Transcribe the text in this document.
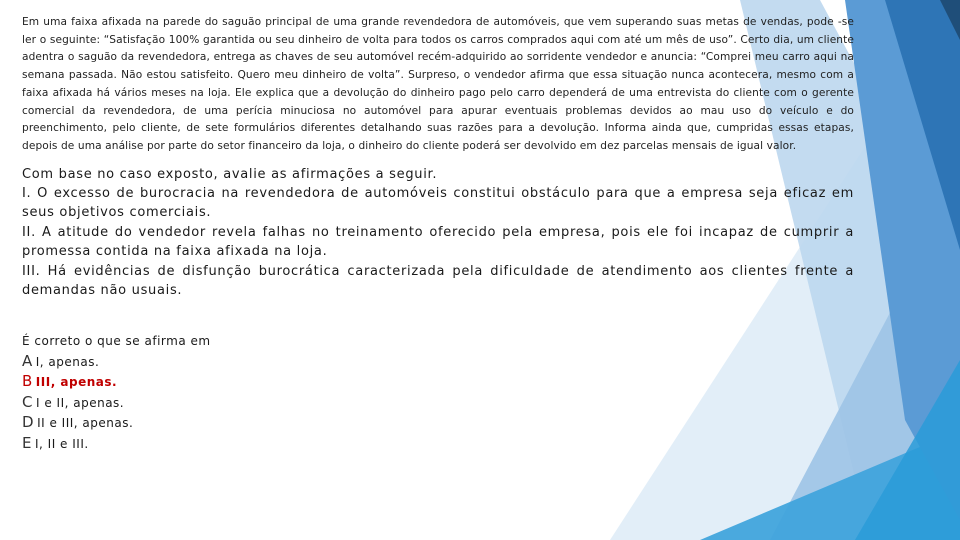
Em uma faixa afixada na parede do saguão principal de uma grande revendedora de automóveis, que vem superando suas metas de vendas, pode -se ler o seguinte: “Satisfação 100% garantida ou seu dinheiro de volta para todos os carros comprados aqui com até um mês de uso”. Certo dia, um cliente adentra o saguão da revendedora, entrega as chaves de seu automóvel recém-adquirido ao sorridente vendedor e anuncia: “Comprei meu carro aqui na semana passada. Não estou satisfeito. Quero meu dinheiro de volta”. Surpreso, o vendedor afirma que essa situação nunca acontecera, mesmo com a faixa afixada há vários meses na loja. Ele explica que a devolução do dinheiro pago pelo carro dependerá de uma entrevista do cliente com o gerente comercial da revendedora, de uma perícia minuciosa no automóvel para apurar eventuais problemas devidos ao mau uso do veículo e do preenchimento, pelo cliente, de sete formulários diferentes detalhando suas razões para a devolução. Informa ainda que, cumpridas essas etapas, depois de uma análise por parte do setor financeiro da loja, o dinheiro do cliente poderá ser devolvido em dez parcelas mensais de igual valor.

Com base no caso exposto, avalie as afirmações a seguir.

I. O excesso de burocracia na revendedora de automóveis constitui obstáculo para que a empresa seja eficaz em seus objetivos comerciais.

II. A atitude do vendedor revela falhas no treinamento oferecido pela empresa, pois ele foi incapaz de cumprir a promessa contida na faixa afixada na loja.

III. Há evidências de disfunção burocrática caracterizada pela dificuldade de atendimento aos clientes frente a demandas não usuais.

É correto o que se afirma em
A I, apenas.
B III, apenas.
C I e II, apenas.
D II e III, apenas.
E I, II e III.
